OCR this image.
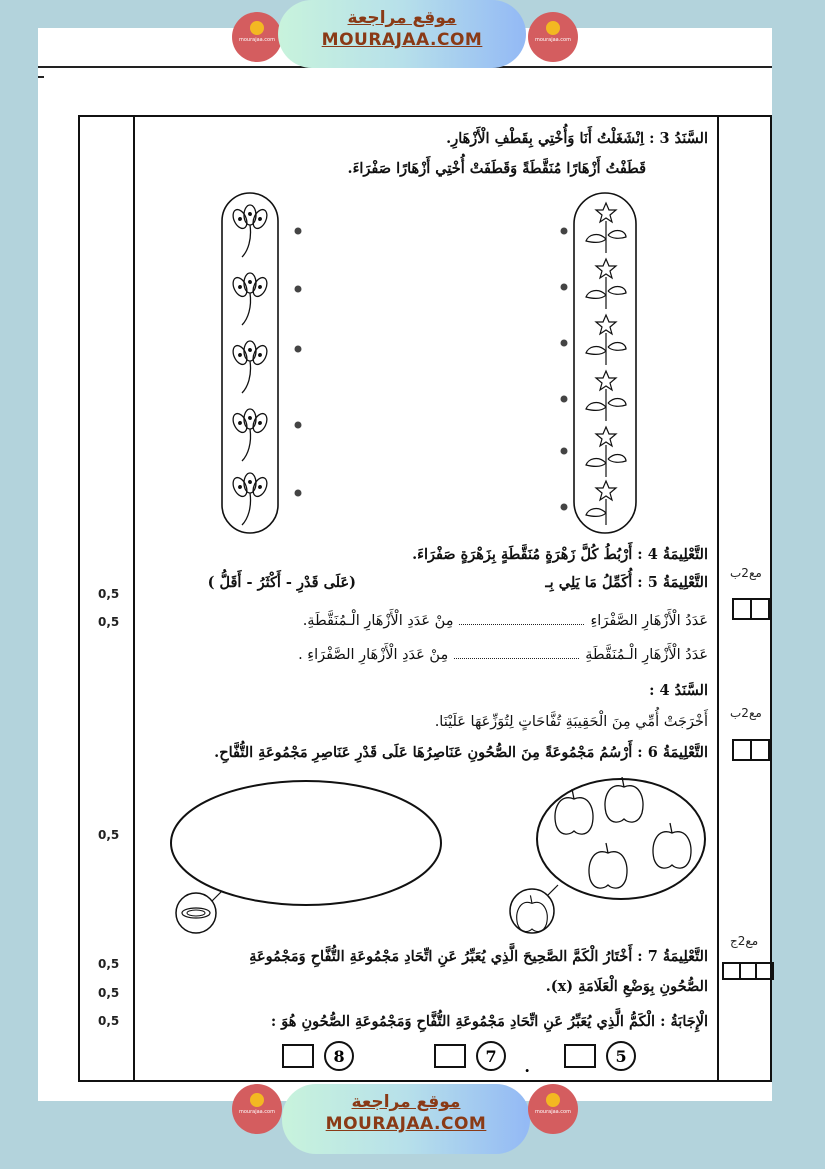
mourajaa.com
موقع مراجعة
MOURAJAA.COM	mourajaa.com
0,5
0,5
0,5
0,5
0,5
0,5
مع2ب
مع2ب
مع2ج
السَّنَدُ 3 : اِنْشَغَلْتُ أَنَا وَأُخْتِي بِقَطْفِ الْأَزْهَارِ.
قَطَفْتُ أَزْهَارًا مُنَقَّطَةً وَقَطَفَتْ أُخْتِي أَزْهَارًا صَفْرَاءَ.
التَّعْلِيمَةُ 4 : أَرْبُطُ كُلَّ زَهْرَةٍ مُنَقَّطَةٍ بِزَهْرَةٍ صَفْرَاءَ.
التَّعْلِيمَةُ 5 : أُكَمِّلُ مَا يَلِي بِـ
(عَلَى قَدْرِ - أَكْثَرُ - أَقَلُّ )
عَدَدُ الْأَزْهَارِ الصَّفْرَاءِمِنْ عَدَدِ الْأَزْهَارِ الْـمُنَقَّطَةِ.
عَدَدُ الْأَزْهَارِ الْـمُنَقَّطَةِمِنْ عَدَدِ الْأَزْهَارِ الصَّفْرَاءِ .
السَّنَدُ 4 :
أَخْرَجَتْ أُمِّي مِنَ الْحَقِيبَةِ تُفَّاحَاتٍ لِتُوَزِّعَهَا عَلَيْنَا.
التَّعْلِيمَةُ 6 : أَرْسُمُ مَجْمُوعَةً مِنَ الصُّحُونِ عَنَاصِرُهَا عَلَى قَدْرِ عَنَاصِرِ مَجْمُوعَةِ التُّفَّاحِ.
التَّعْلِيمَةُ 7 : أَخْتَارُ الْكَمَّ الصَّحِيحَ الَّذِي يُعَبِّرُ عَنِ اتِّحَادِ مَجْمُوعَةِ التُّفَّاحِ وَمَجْمُوعَةِ
الصُّحُونِ بِوَضْعِ الْعَلَامَةِ (x).
الْإِجَابَةُ : الْكَمُّ الَّذِي يُعَبِّرُ عَنِ اتِّحَادِ مَجْمُوعَةِ التُّفَّاحِ وَمَجْمُوعَةِ الصُّحُونِ هُوَ :
5
.
7
8
mourajaa.com	موقع مراجعة
MOURAJAA.COM
mourajaa.com
